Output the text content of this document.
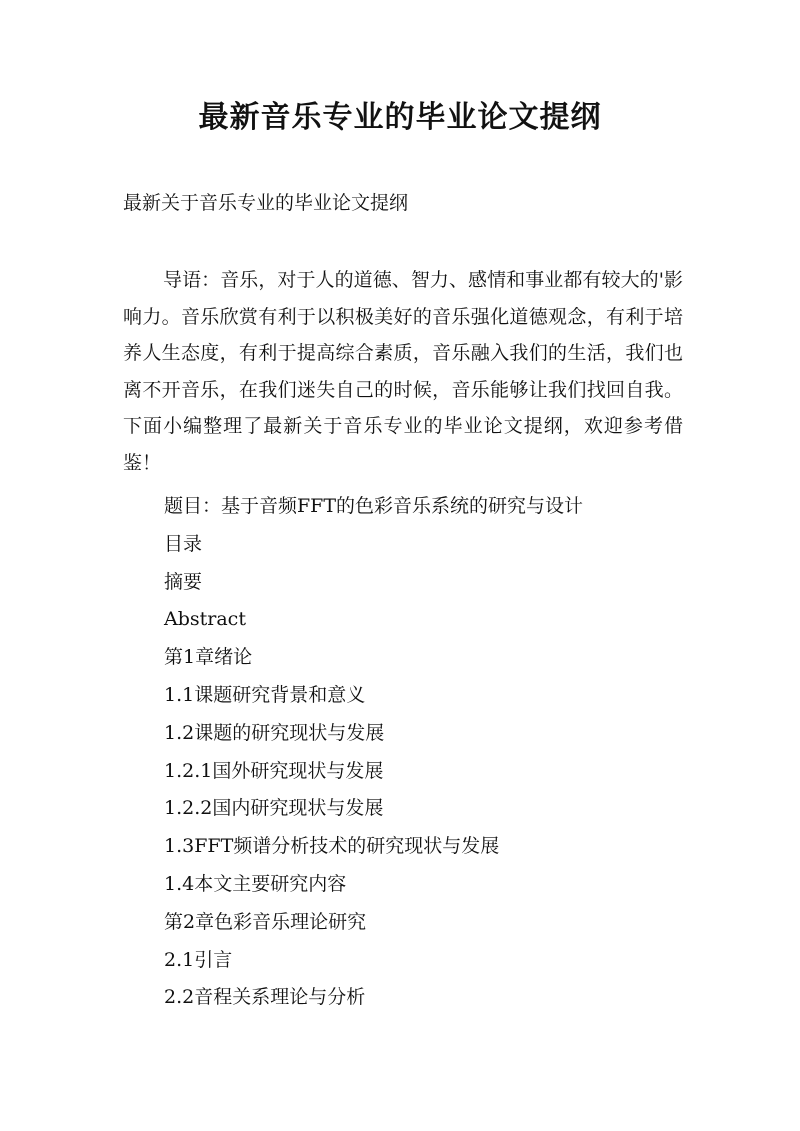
最新音乐专业的毕业论文提纲

最新关于音乐专业的毕业论文提纲

导语：音乐，对于人的道德、智力、感情和事业都有较大的'影响力。音乐欣赏有利于以积极美好的音乐强化道德观念，有利于培养人生态度，有利于提高综合素质，音乐融入我们的生活，我们也离不开音乐，在我们迷失自己的时候，音乐能够让我们找回自我。下面小编整理了最新关于音乐专业的毕业论文提纲，欢迎参考借鉴！

题目：基于音频FFT的色彩音乐系统的研究与设计
目录
摘要
Abstract
第1章绪论
1.1课题研究背景和意义
1.2课题的研究现状与发展
1.2.1国外研究现状与发展
1.2.2国内研究现状与发展
1.3FFT频谱分析技术的研究现状与发展
1.4本文主要研究内容
第2章色彩音乐理论研究
2.1引言
2.2音程关系理论与分析
